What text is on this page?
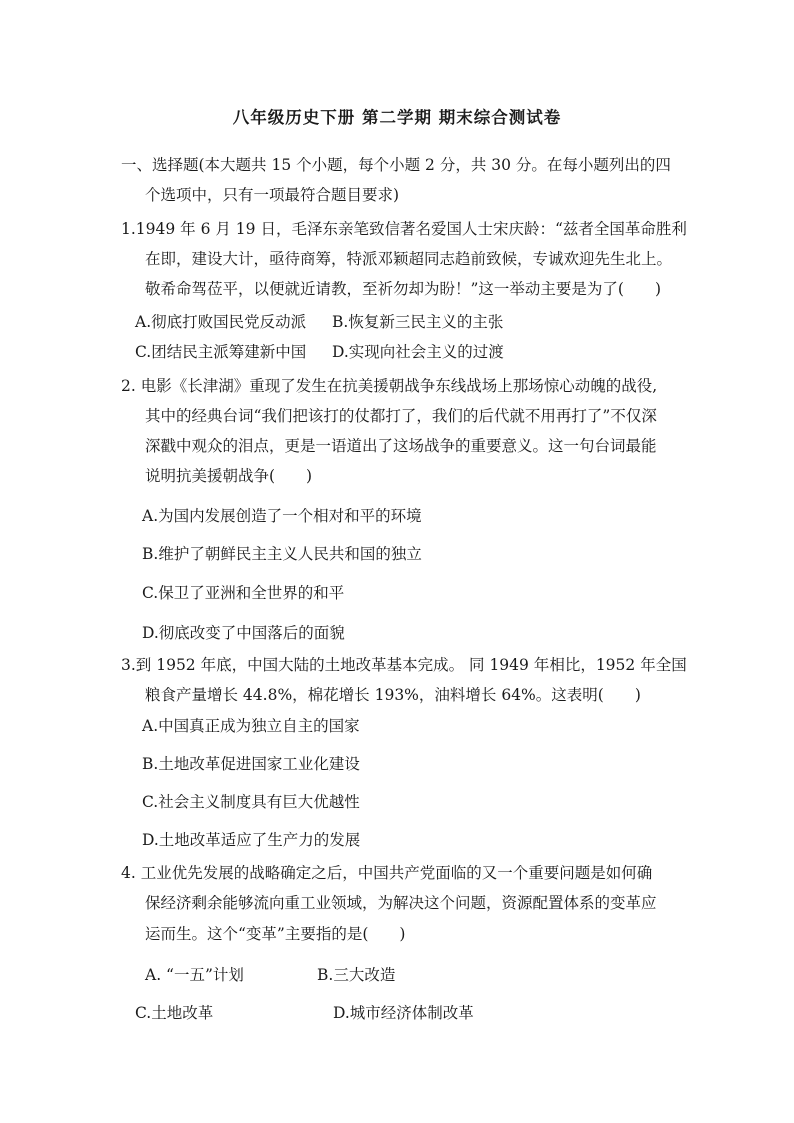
八年级历史下册 第二学期 期末综合测试卷
一、选择题(本大题共 15 个小题，每个小题 2 分，共 30 分。在每小题列出的四
个选项中，只有一项最符合题目要求)
1.1949 年 6 月 19 日，毛泽东亲笔致信著名爱国人士宋庆龄：“兹者全国革命胜利
在即，建设大计，亟待商筹，特派邓颖超同志趋前致候，专诚欢迎先生北上。
敬希命驾莅平，以便就近请教，至祈勿却为盼！”这一举动主要是为了(　　)
A.彻底打败国民党反动派 B.恢复新三民主义的主张
C.团结民主派筹建新中国 D.实现向社会主义的过渡
2. 电影《长津湖》重现了发生在抗美援朝战争东线战场上那场惊心动魄的战役,
其中的经典台词“我们把该打的仗都打了，我们的后代就不用再打了”不仅深
深戳中观众的泪点，更是一语道出了这场战争的重要意义。这一句台词最能
说明抗美援朝战争(　　)
A.为国内发展创造了一个相对和平的环境
B.维护了朝鲜民主主义人民共和国的独立
C.保卫了亚洲和全世界的和平
D.彻底改变了中国落后的面貌
3.到 1952 年底，中国大陆的土地改革基本完成。 同 1949 年相比，1952 年全国
粮食产量增长 44.8%，棉花增长 193%，油料增长 64%。这表明(　　)
A.中国真正成为独立自主的国家
B.土地改革促进国家工业化建设
C.社会主义制度具有巨大优越性
D.土地改革适应了生产力的发展
4. 工业优先发展的战略确定之后，中国共产党面临的又一个重要问题是如何确
保经济剩余能够流向重工业领域，为解决这个问题，资源配置体系的变革应
运而生。这个“变革”主要指的是(　　)
A. “一五”计划	B.三大改造
C.土地改革	D.城市经济体制改革
